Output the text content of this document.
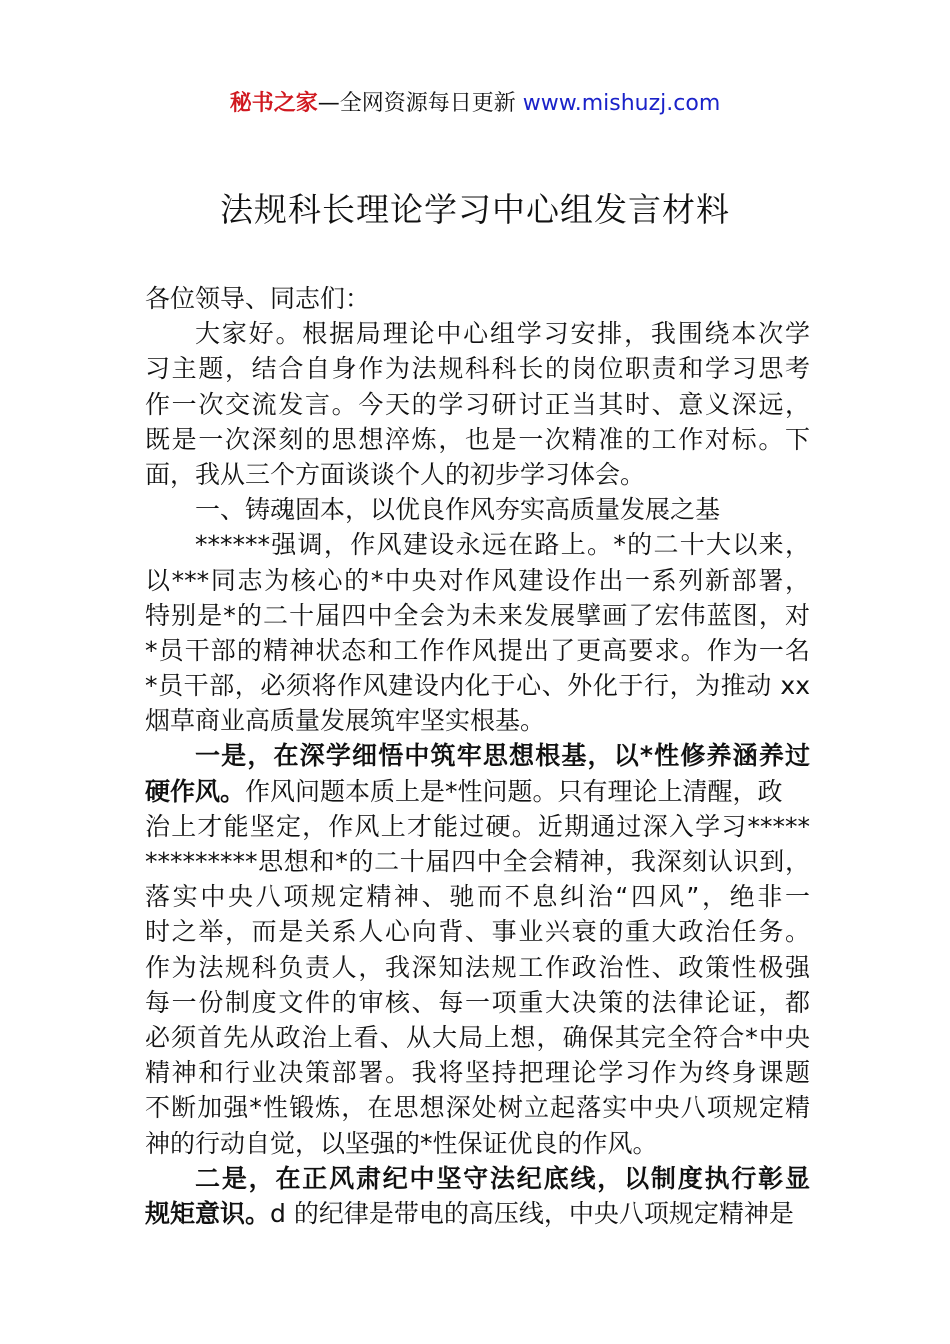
秘书之家—全网资源每日更新 www.mishuzj.com
法规科长理论学习中心组发言材料
各位领导、同志们：
大家好。根据局理论中心组学习安排，我围绕本次学
习主题，结合自身作为法规科科长的岗位职责和学习思考
作一次交流发言。今天的学习研讨正当其时、意义深远，
既是一次深刻的思想淬炼，也是一次精准的工作对标。下
面，我从三个方面谈谈个人的初步学习体会。
一、铸魂固本，以优良作风夯实高质量发展之基
******强调，作风建设永远在路上。*的二十大以来，
以***同志为核心的*中央对作风建设作出一系列新部署，
特别是*的二十届四中全会为未来发展擘画了宏伟蓝图，对
*员干部的精神状态和工作作风提出了更高要求。作为一名
*员干部，必须将作风建设内化于心、外化于行，为推动 xx
烟草商业高质量发展筑牢坚实根基。
一是，在深学细悟中筑牢思想根基，以*性修养涵养过
硬作风。作风问题本质上是*性问题。只有理论上清醒，政
治上才能坚定，作风上才能过硬。近期通过深入学习*****
*********思想和*的二十届四中全会精神，我深刻认识到，
落实中央八项规定精神、驰而不息纠治“四风”，绝非一
时之举，而是关系人心向背、事业兴衰的重大政治任务。
作为法规科负责人，我深知法规工作政治性、政策性极强
每一份制度文件的审核、每一项重大决策的法律论证，都
必须首先从政治上看、从大局上想，确保其完全符合*中央
精神和行业决策部署。我将坚持把理论学习作为终身课题
不断加强*性锻炼，在思想深处树立起落实中央八项规定精
神的行动自觉，以坚强的*性保证优良的作风。
二是，在正风肃纪中坚守法纪底线，以制度执行彰显
规矩意识。d 的纪律是带电的高压线，中央八项规定精神是
